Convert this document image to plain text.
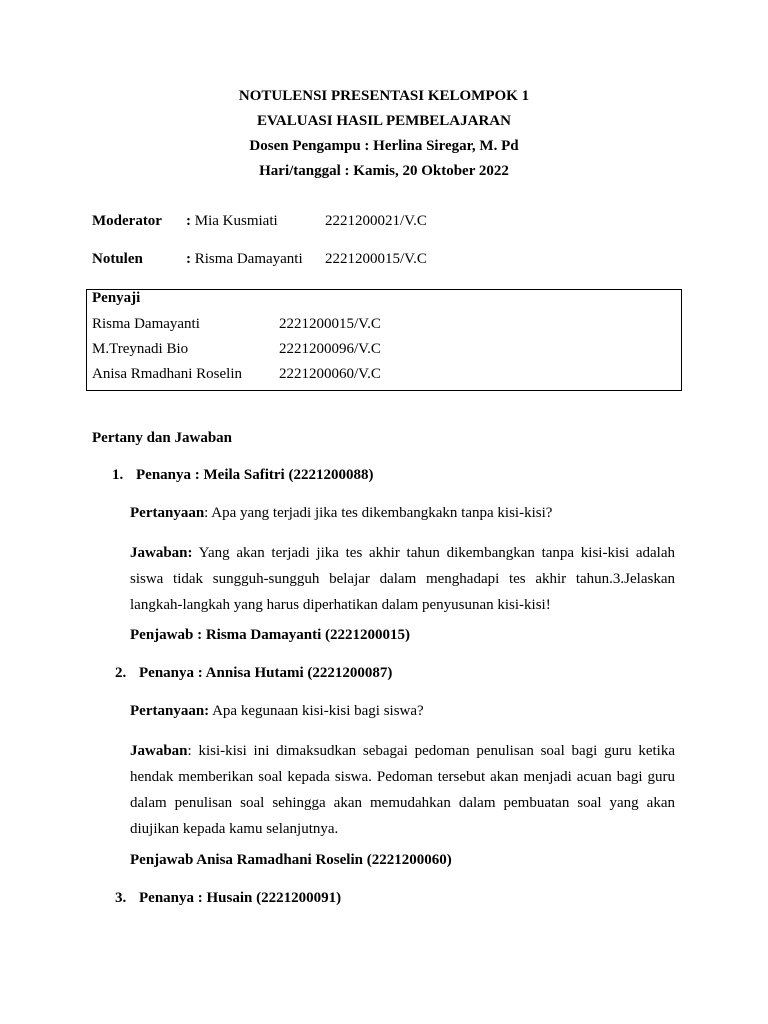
NOTULENSI PRESENTASI KELOMPOK 1
EVALUASI HASIL PEMBELAJARAN
Dosen Pengampu : Herlina Siregar, M. Pd
Hari/tanggal : Kamis, 20 Oktober 2022
Moderator : Mia Kusmiati	2221200021/V.C
Notulen	: Risma Damayanti 2221200015/V.C
Penyaji
Risma Damayanti	2221200015/V.C
M.Treynadi Bio	2221200096/V.C
Anisa Rmadhani Roselin 2221200060/V.C
Pertany dan Jawaban
1. Penanya : Meila Safitri (2221200088)
Pertanyaan: Apa yang terjadi jika tes dikembangkakn tanpa kisi-kisi?
Jawaban: Yang akan terjadi jika tes akhir tahun dikembangkan tanpa kisi-kisi adalah siswa tidak sungguh-sungguh belajar dalam menghadapi tes akhir tahun.3.Jelaskan langkah-langkah yang harus diperhatikan dalam penyusunan kisi-kisi!
Penjawab : Risma Damayanti (2221200015)
2. Penanya : Annisa Hutami (2221200087)
Pertanyaan: Apa kegunaan kisi-kisi bagi siswa?
Jawaban: kisi-kisi ini dimaksudkan sebagai pedoman penulisan soal bagi guru ketika hendak memberikan soal kepada siswa. Pedoman tersebut akan menjadi acuan bagi guru dalam penulisan soal sehingga akan memudahkan dalam pembuatan soal yang akan diujikan kepada kamu selanjutnya.
Penjawab Anisa Ramadhani Roselin (2221200060)
3. Penanya : Husain (2221200091)
